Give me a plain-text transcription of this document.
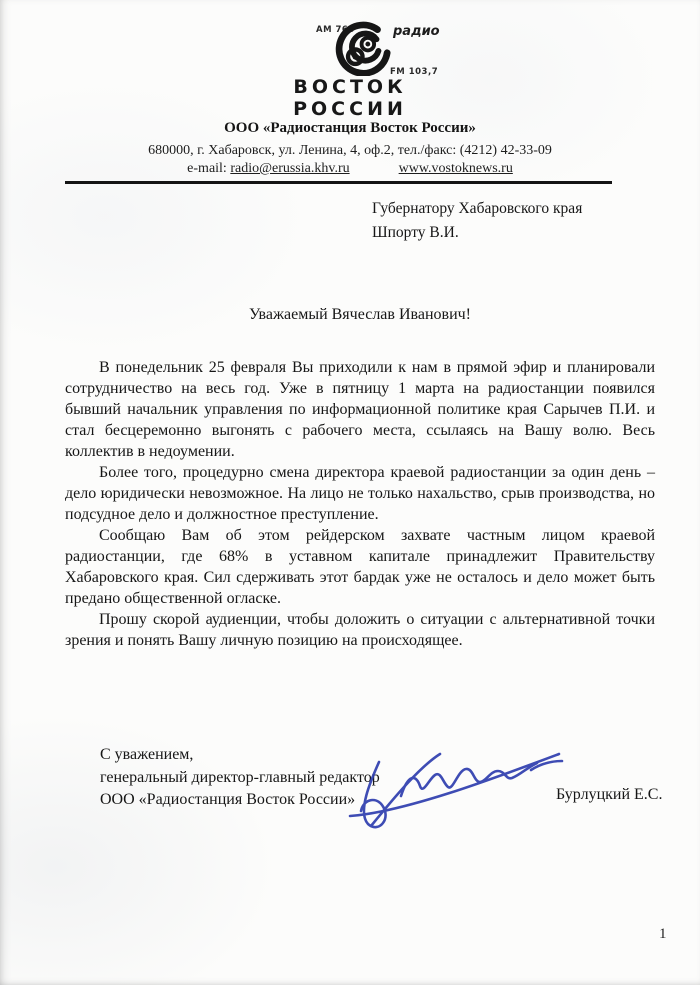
АМ 765	радио
FM 103,7
ВОСТОК
РОССИИ
ООО «Радиостанция Восток России»
680000, г. Хабаровск, ул. Ленина, 4, оф.2, тел./факс: (4212) 42-33-09
e-mail: radio@erussia.khv.ru	www.vostoknews.ru
Губернатору Хабаровского края
Шпорту В.И.
Уважаемый Вячеслав Иванович!

В понедельник 25 февраля Вы приходили к нам в прямой эфир и планировали сотрудничество на весь год. Уже в пятницу 1 марта на радиостанции появился бывший начальник управления по информационной политике края Сарычев П.И. и стал бесцеремонно выгонять с рабочего места, ссылаясь на Вашу волю. Весь коллектив в недоумении.

Более того, процедурно смена директора краевой радиостанции за один день – дело юридически невозможное. На лицо не только нахальство, срыв производства, но подсудное дело и должностное преступление.

Сообщаю Вам об этом рейдерском захвате частным лицом краевой радиостанции, где 68% в уставном капитале принадлежит Правительству Хабаровского края. Сил сдерживать этот бардак уже не осталось и дело может быть предано общественной огласке.

Прошу скорой аудиенции, чтобы доложить о ситуации с альтернативной точки зрения и понять Вашу личную позицию на происходящее.

С уважением,
генеральный директор-главный редактор
ООО «Радиостанция Восток России»	Бурлуцкий Е.С.
1
